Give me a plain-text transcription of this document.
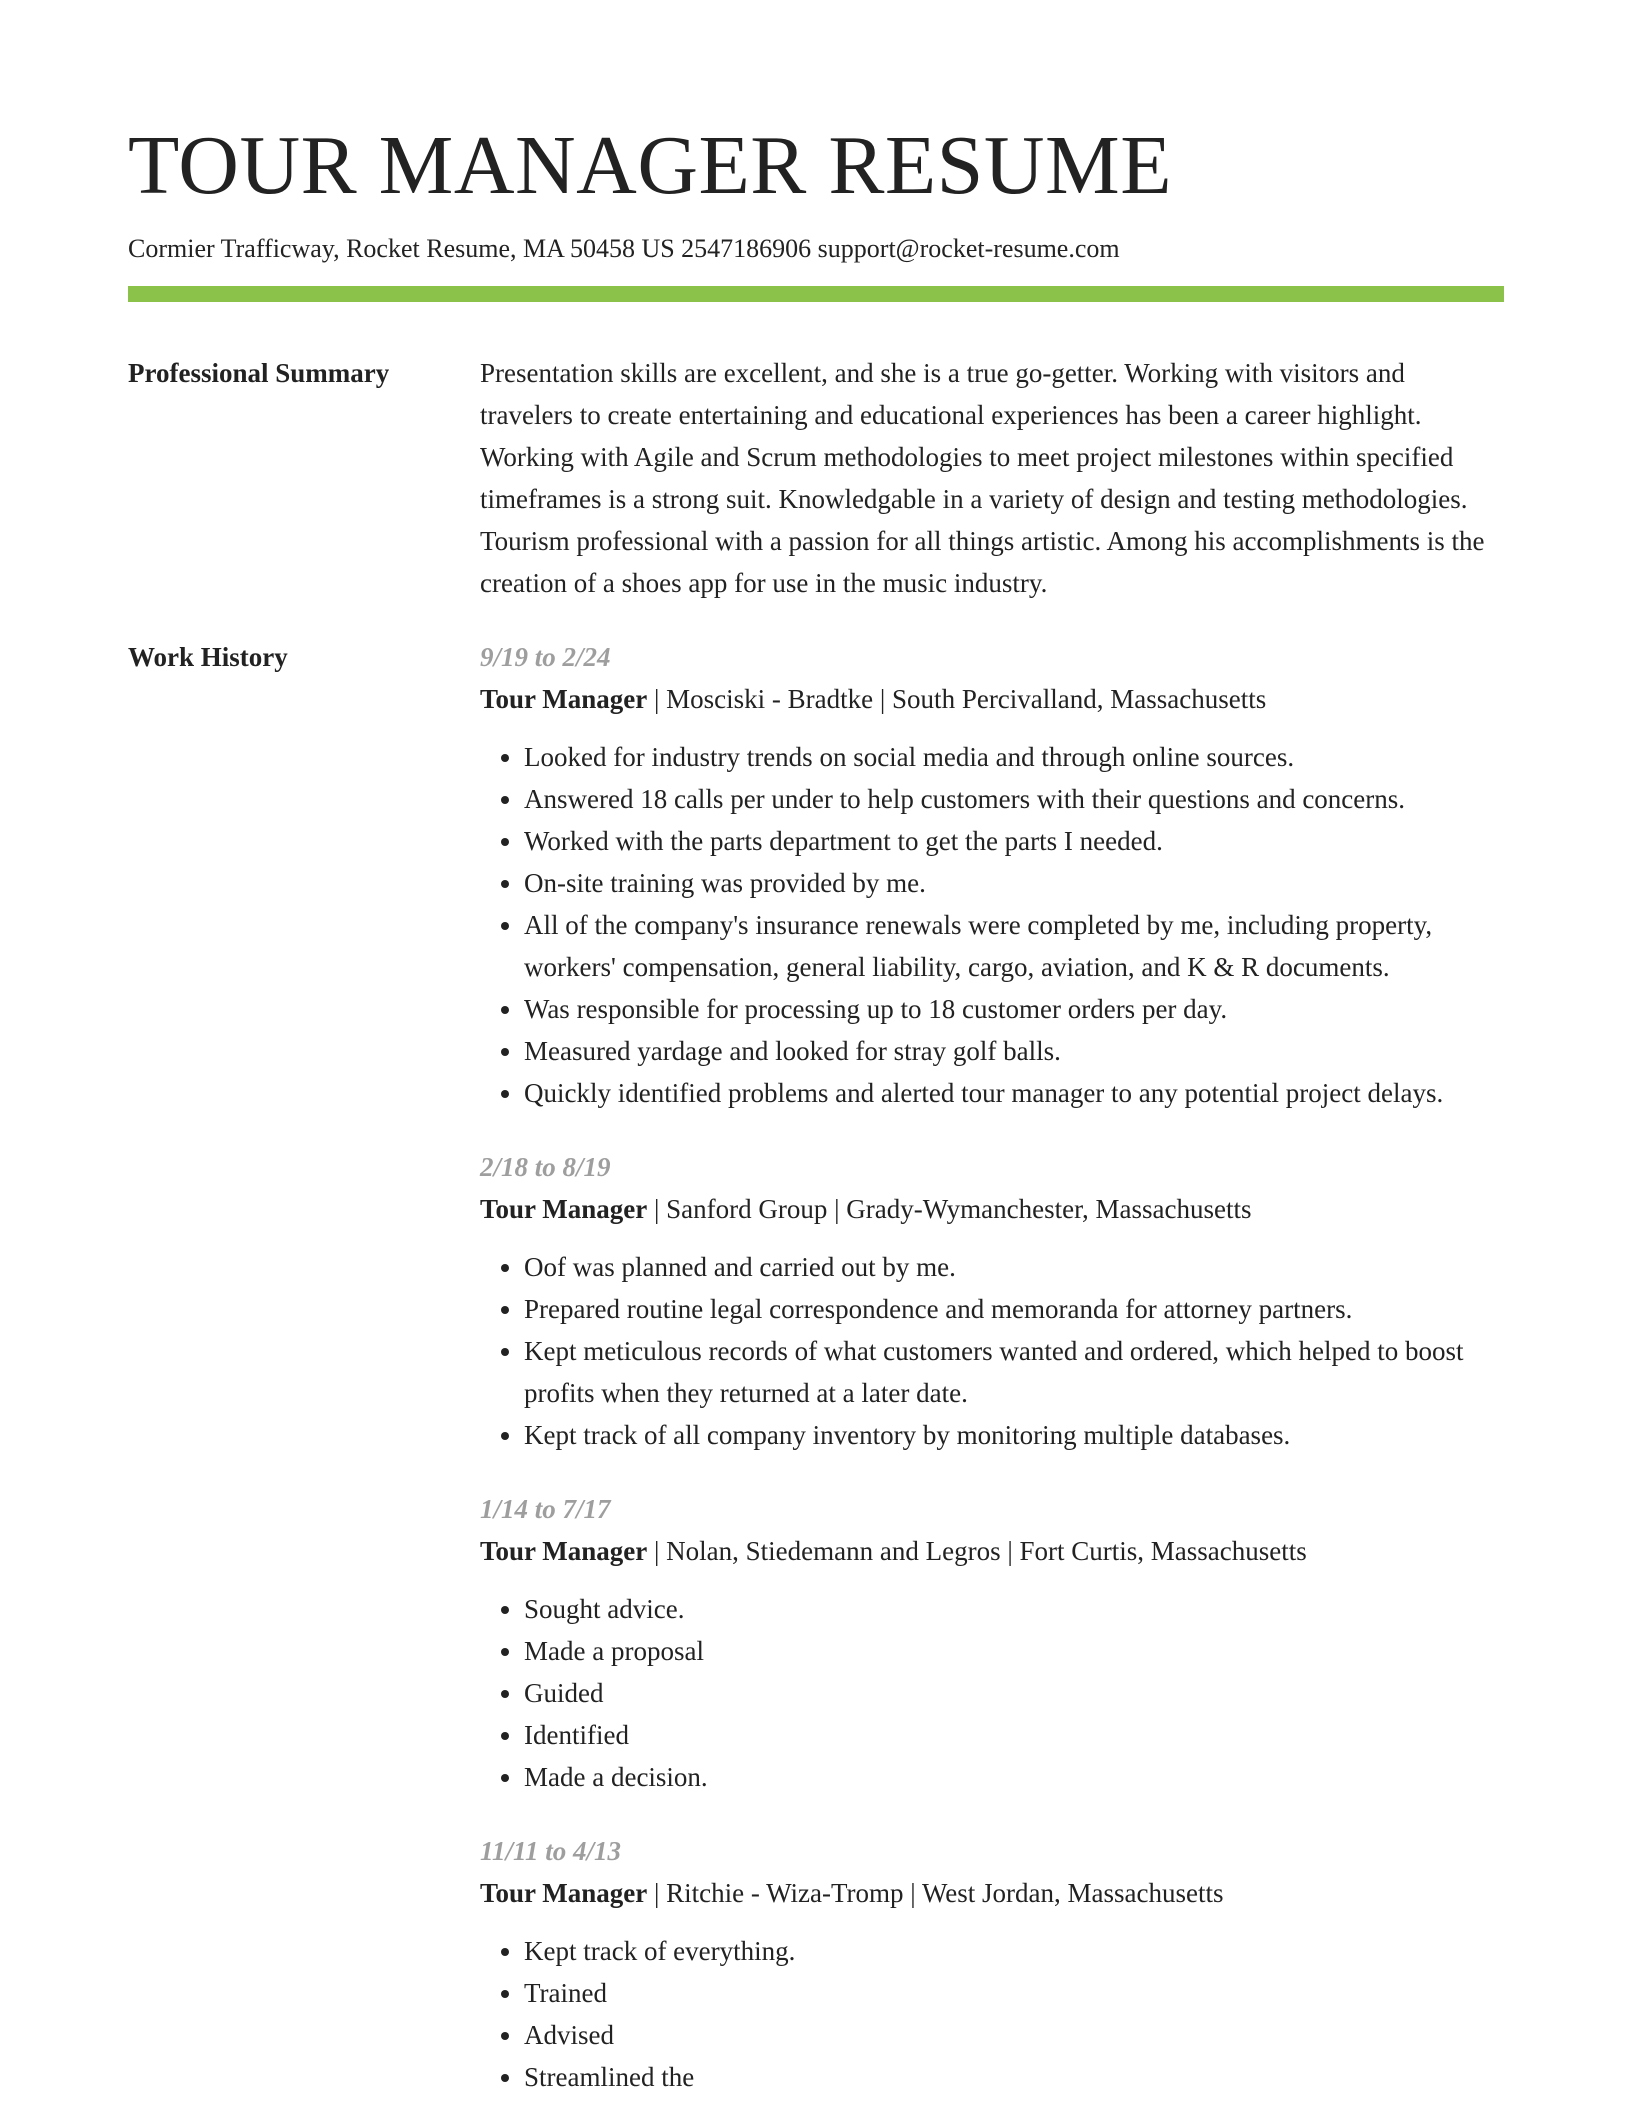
TOUR MANAGER RESUME
Cormier Trafficway, Rocket Resume, MA 50458 US 2547186906 support@rocket-resume.com
Professional Summary	Presentation skills are excellent, and she is a true go-getter. Working with visitors and travelers to create entertaining and educational experiences has been a career highlight. Working with Agile and Scrum methodologies to meet project milestones within specified timeframes is a strong suit. Knowledgable in a variety of design and testing methodologies. Tourism professional with a passion for all things artistic. Among his accomplishments is the creation of a shoes app for use in the music industry.
Work History	9/19 to 2/24
Tour Manager | Mosciski - Bradtke | South Percivalland, Massachusetts
• Looked for industry trends on social media and through online sources.
• Answered 18 calls per under to help customers with their questions and concerns.
• Worked with the parts department to get the parts I needed.
• On-site training was provided by me.
• All of the company's insurance renewals were completed by me, including property, workers' compensation, general liability, cargo, aviation, and K & R documents.
• Was responsible for processing up to 18 customer orders per day.
• Measured yardage and looked for stray golf balls.
• Quickly identified problems and alerted tour manager to any potential project delays.
2/18 to 8/19
Tour Manager | Sanford Group | Grady-Wymanchester, Massachusetts
• Oof was planned and carried out by me.
• Prepared routine legal correspondence and memoranda for attorney partners.
• Kept meticulous records of what customers wanted and ordered, which helped to boost profits when they returned at a later date.
• Kept track of all company inventory by monitoring multiple databases.
1/14 to 7/17
Tour Manager | Nolan, Stiedemann and Legros | Fort Curtis, Massachusetts
• Sought advice.
• Made a proposal
• Guided
• Identified
• Made a decision.
11/11 to 4/13
Tour Manager | Ritchie - Wiza-Tromp | West Jordan, Massachusetts
• Kept track of everything.
• Trained
• Advised
• Streamlined the
